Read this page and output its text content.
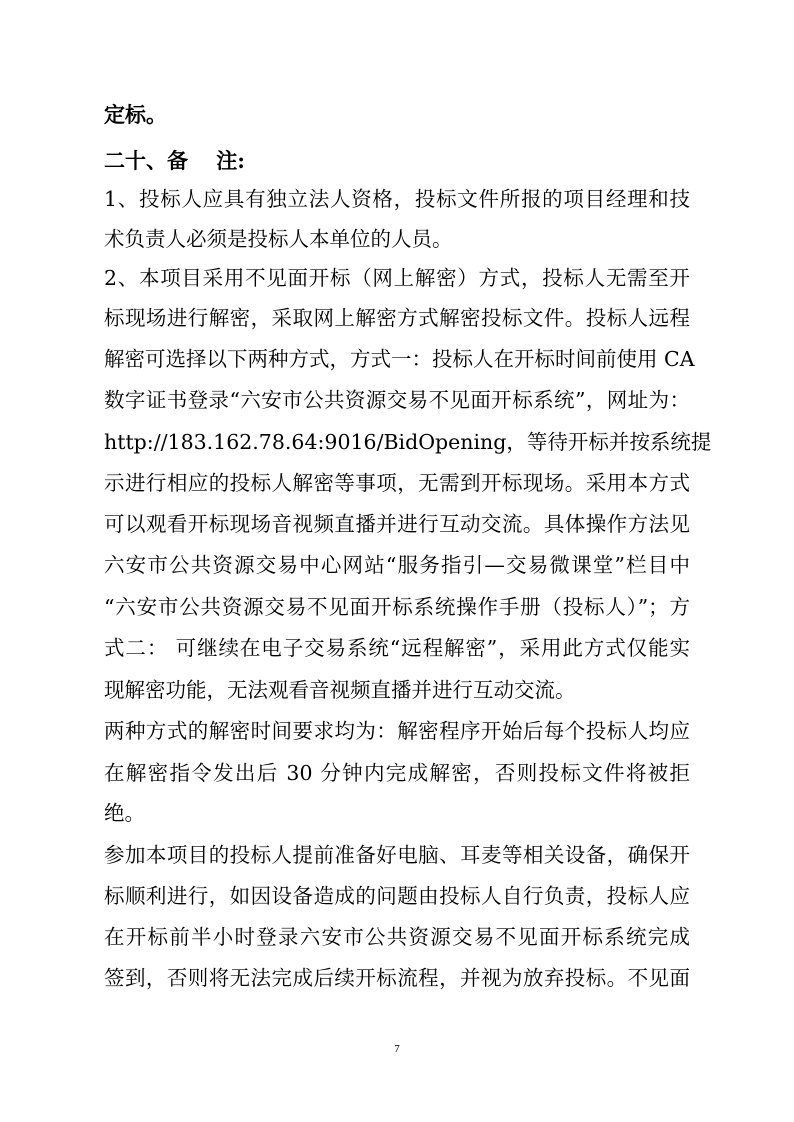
定标。
二十、备　 注:
1、投标人应具有独立法人资格，投标文件所报的项目经理和技
术负责人必须是投标人本单位的人员。
2、本项目采用不见面开标（网上解密）方式，投标人无需至开
标现场进行解密，采取网上解密方式解密投标文件。投标人远程
解密可选择以下两种方式，方式一：投标人在开标时间前使用 CA
数字证书登录“六安市公共资源交易不见面开标系统”，网址为：
http://183.162.78.64:9016/BidOpening，等待开标并按系统提
示进行相应的投标人解密等事项，无需到开标现场。采用本方式
可以观看开标现场音视频直播并进行互动交流。具体操作方法见
六安市公共资源交易中心网站“服务指引—交易微课堂”栏目中
“六安市公共资源交易不见面开标系统操作手册（投标人）”；方
式二： 可继续在电子交易系统“远程解密”，采用此方式仅能实
现解密功能，无法观看音视频直播并进行互动交流。
两种方式的解密时间要求均为：解密程序开始后每个投标人均应
在解密指令发出后 30 分钟内完成解密，否则投标文件将被拒
绝。
参加本项目的投标人提前准备好电脑、耳麦等相关设备，确保开
标顺利进行，如因设备造成的问题由投标人自行负责，投标人应
在开标前半小时登录六安市公共资源交易不见面开标系统完成
签到，否则将无法完成后续开标流程，并视为放弃投标。不见面
7
